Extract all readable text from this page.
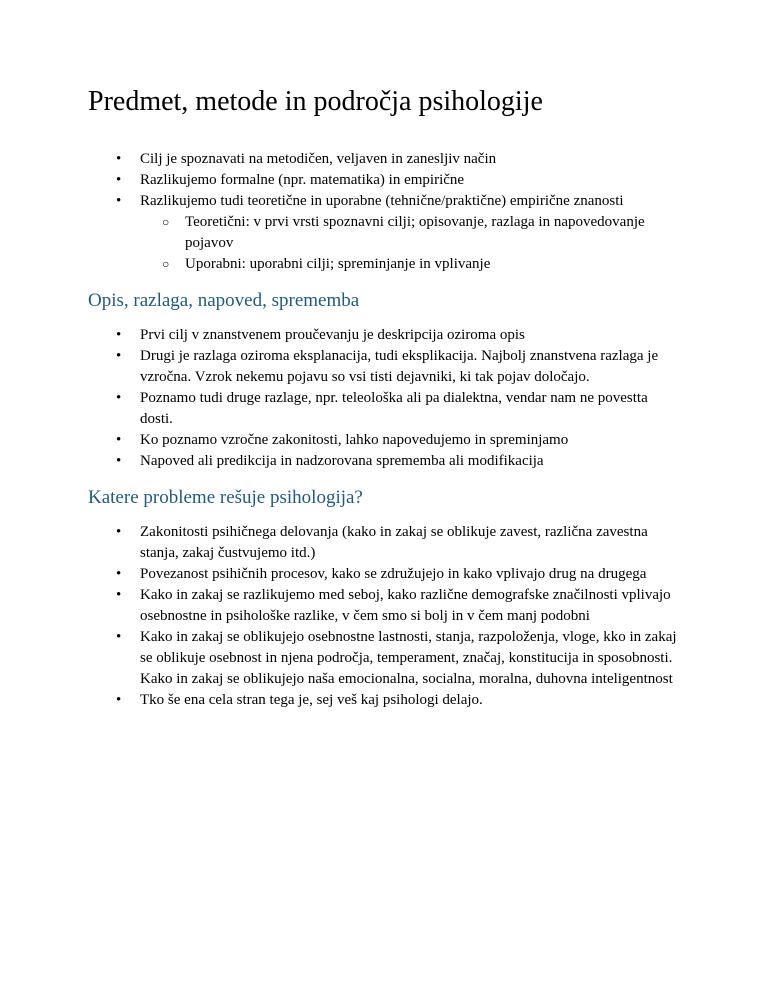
Predmet, metode in področja psihologije
•	Cilj je spoznavati na metodičen, veljaven in zanesljiv način
•	Razlikujemo formalne (npr. matematika) in empirične
•	Razlikujemo tudi teoretične in uporabne (tehnične/praktične) empirične znanosti
○	Teoretični: v prvi vrsti spoznavni cilji; opisovanje, razlaga in napovedovanje pojavov
○	Uporabni: uporabni cilji; spreminjanje in vplivanje
Opis, razlaga, napoved, sprememba
•	Prvi cilj v znanstvenem proučevanju je deskripcija oziroma opis
•	Drugi je razlaga oziroma eksplanacija, tudi eksplikacija. Najbolj znanstvena razlaga je vzročna. Vzrok nekemu pojavu so vsi tisti dejavniki, ki tak pojav določajo.
•	Poznamo tudi druge razlage, npr. teleološka ali pa dialektna, vendar nam ne povestta dosti.
•	Ko poznamo vzročne zakonitosti, lahko napovedujemo in spreminjamo
•	Napoved ali predikcija in nadzorovana sprememba ali modifikacija
Katere probleme rešuje psihologija?
•	Zakonitosti psihičnega delovanja (kako in zakaj se oblikuje zavest, različna zavestna stanja, zakaj čustvujemo itd.)
•	Povezanost psihičnih procesov, kako se združujejo in kako vplivajo drug na drugega
•	Kako in zakaj se razlikujemo med seboj, kako različne demografske značilnosti vplivajo osebnostne in psihološke razlike, v čem smo si bolj in v čem manj podobni
•	Kako in zakaj se oblikujejo osebnostne lastnosti, stanja, razpoloženja, vloge, kko in zakaj se oblikuje osebnost in njena področja, temperament, značaj, konstitucija in sposobnosti. Kako in zakaj se oblikujejo naša emocionalna, socialna, moralna, duhovna inteligentnost
•	Tko še ena cela stran tega je, sej veš kaj psihologi delajo.
